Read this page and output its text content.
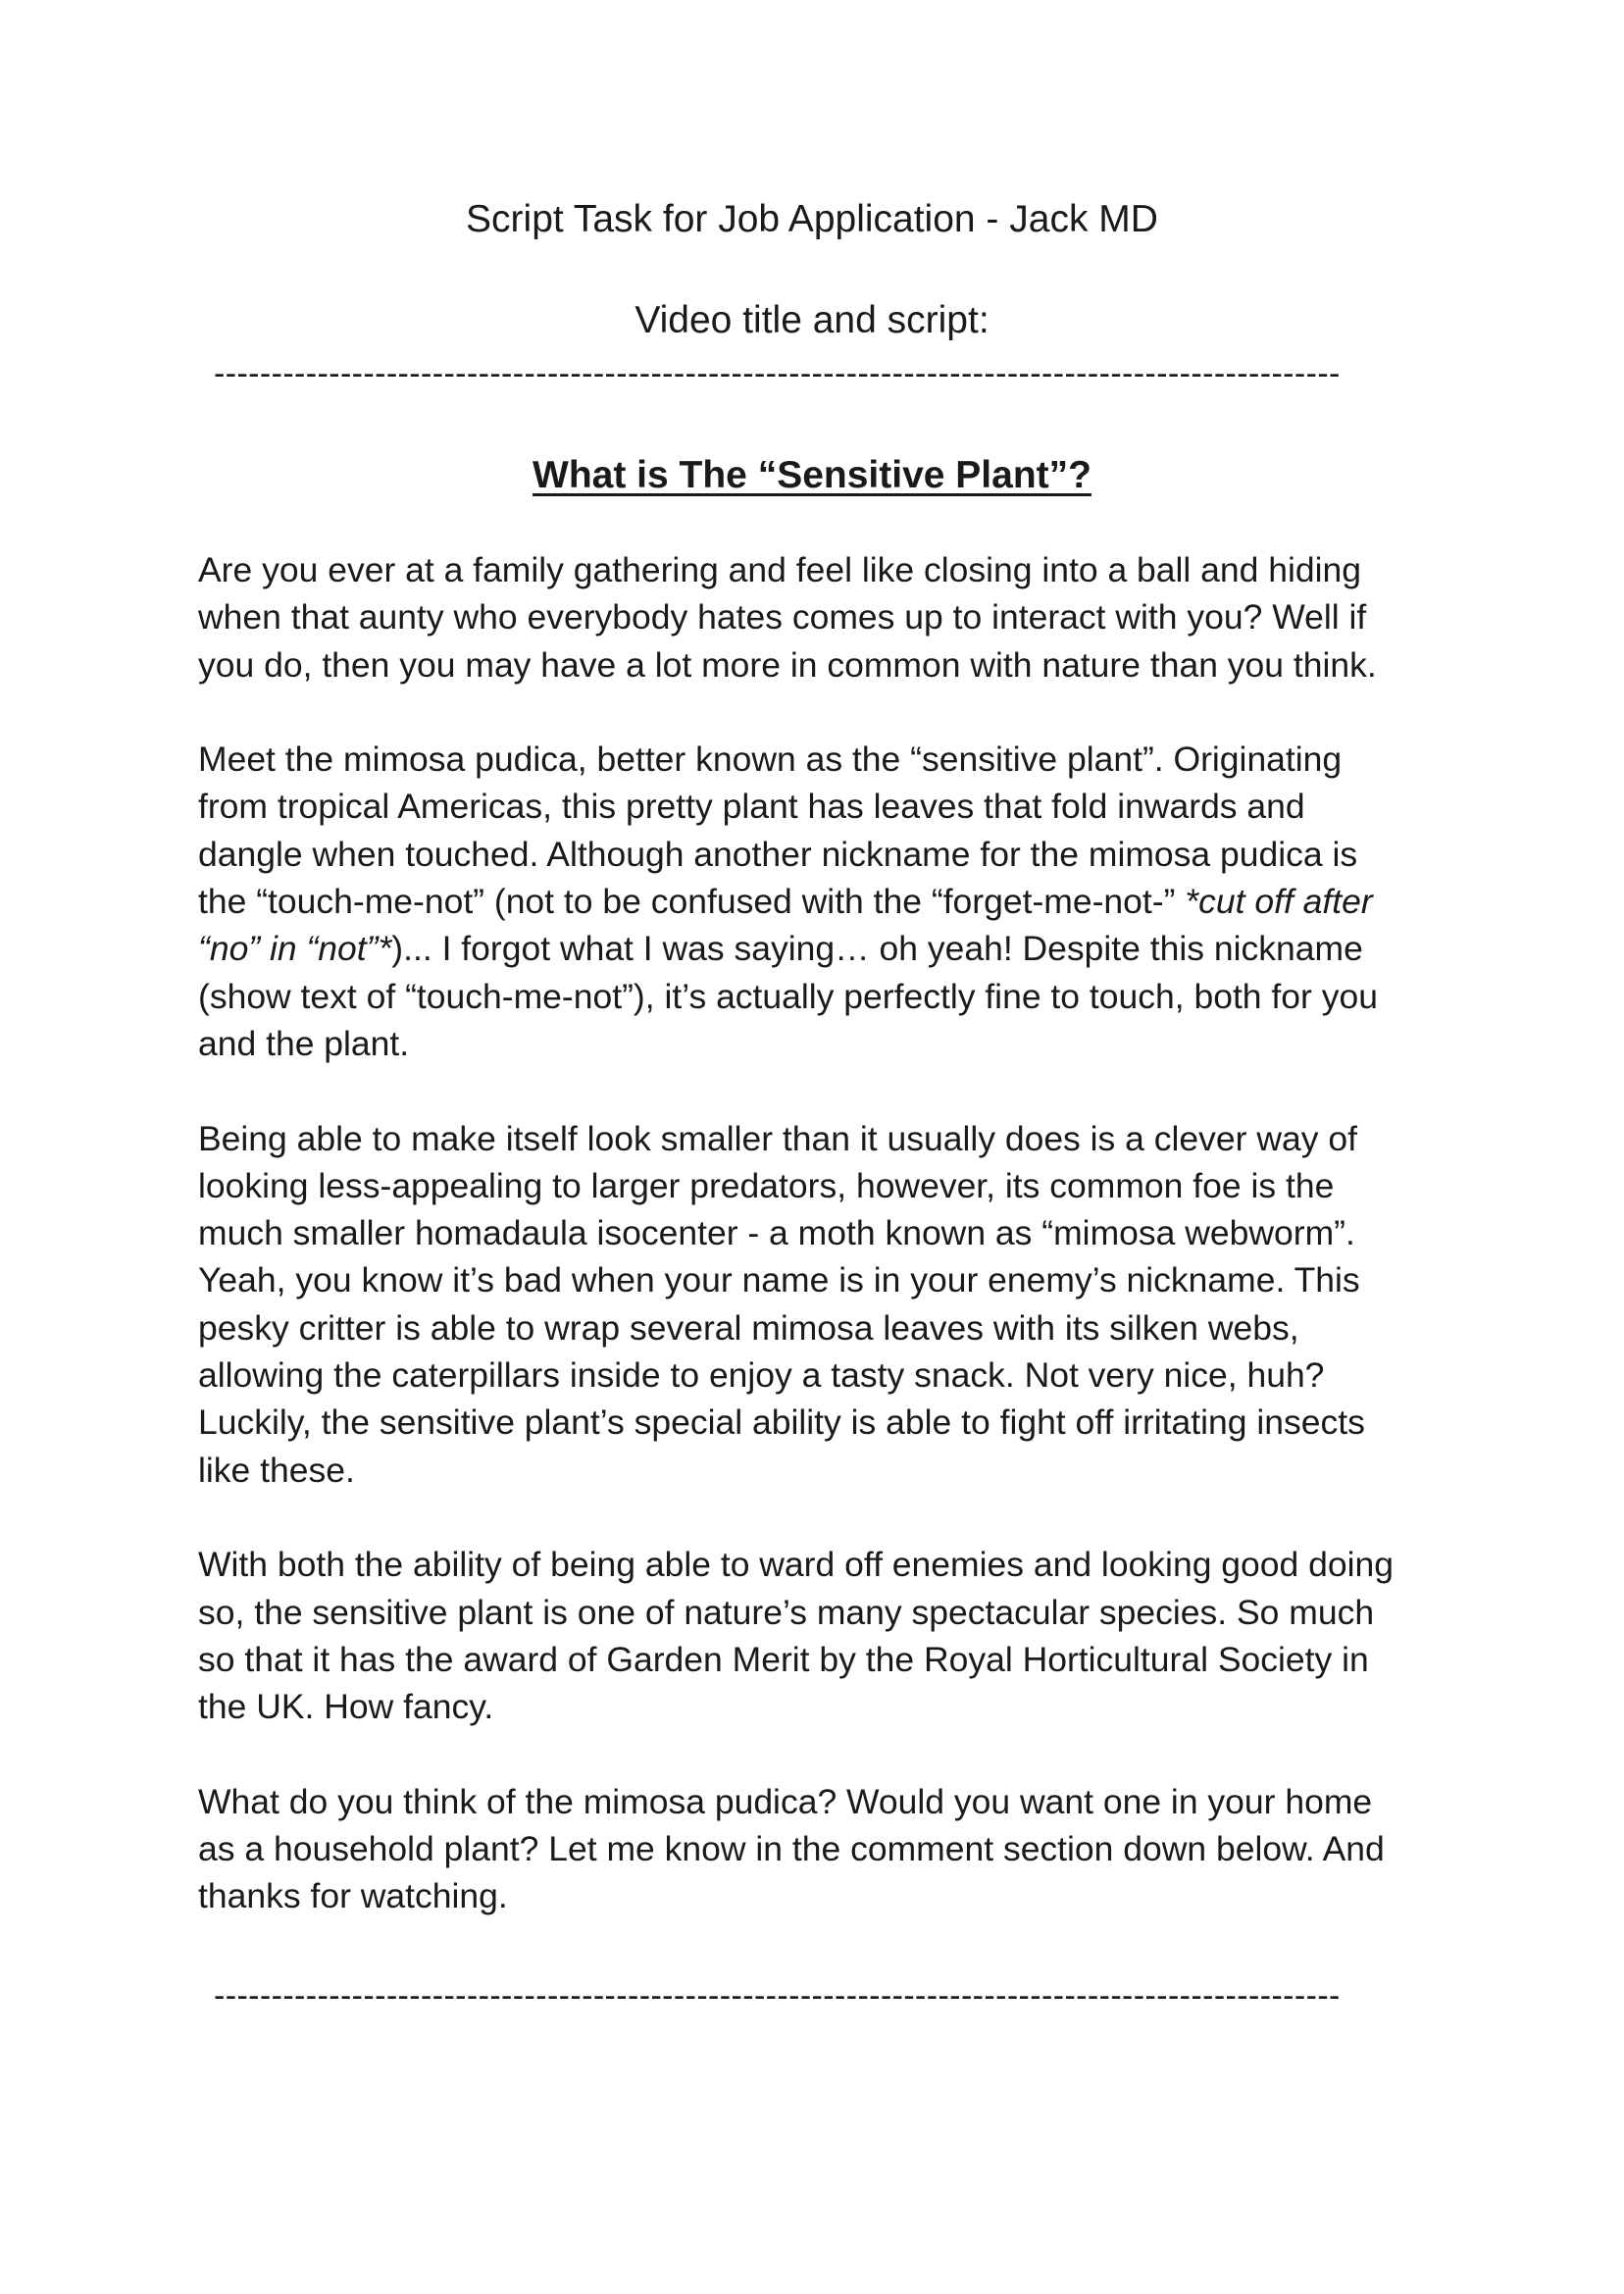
Script Task for Job Application - Jack MD
Video title and script:
--------------------------------------------------------------------------------------------------
What is The “Sensitive Plant”?
Are you ever at a family gathering and feel like closing into a ball and hiding
when that aunty who everybody hates comes up to interact with you? Well if
you do, then you may have a lot more in common with nature than you think.
Meet the mimosa pudica, better known as the “sensitive plant”. Originating
from tropical Americas, this pretty plant has leaves that fold inwards and
dangle when touched. Although another nickname for the mimosa pudica is
the “touch-me-not” (not to be confused with the “forget-me-not-” *cut off after
“no” in “not”*)... I forgot what I was saying… oh yeah! Despite this nickname
(show text of “touch-me-not”), it’s actually perfectly fine to touch, both for you
and the plant.
Being able to make itself look smaller than it usually does is a clever way of
looking less-appealing to larger predators, however, its common foe is the
much smaller homadaula isocenter - a moth known as “mimosa webworm”.
Yeah, you know it’s bad when your name is in your enemy’s nickname. This
pesky critter is able to wrap several mimosa leaves with its silken webs,
allowing the caterpillars inside to enjoy a tasty snack. Not very nice, huh?
Luckily, the sensitive plant’s special ability is able to fight off irritating insects
like these.
With both the ability of being able to ward off enemies and looking good doing
so, the sensitive plant is one of nature’s many spectacular species. So much
so that it has the award of Garden Merit by the Royal Horticultural Society in
the UK. How fancy.
What do you think of the mimosa pudica? Would you want one in your home
as a household plant? Let me know in the comment section down below. And
thanks for watching.
--------------------------------------------------------------------------------------------------
